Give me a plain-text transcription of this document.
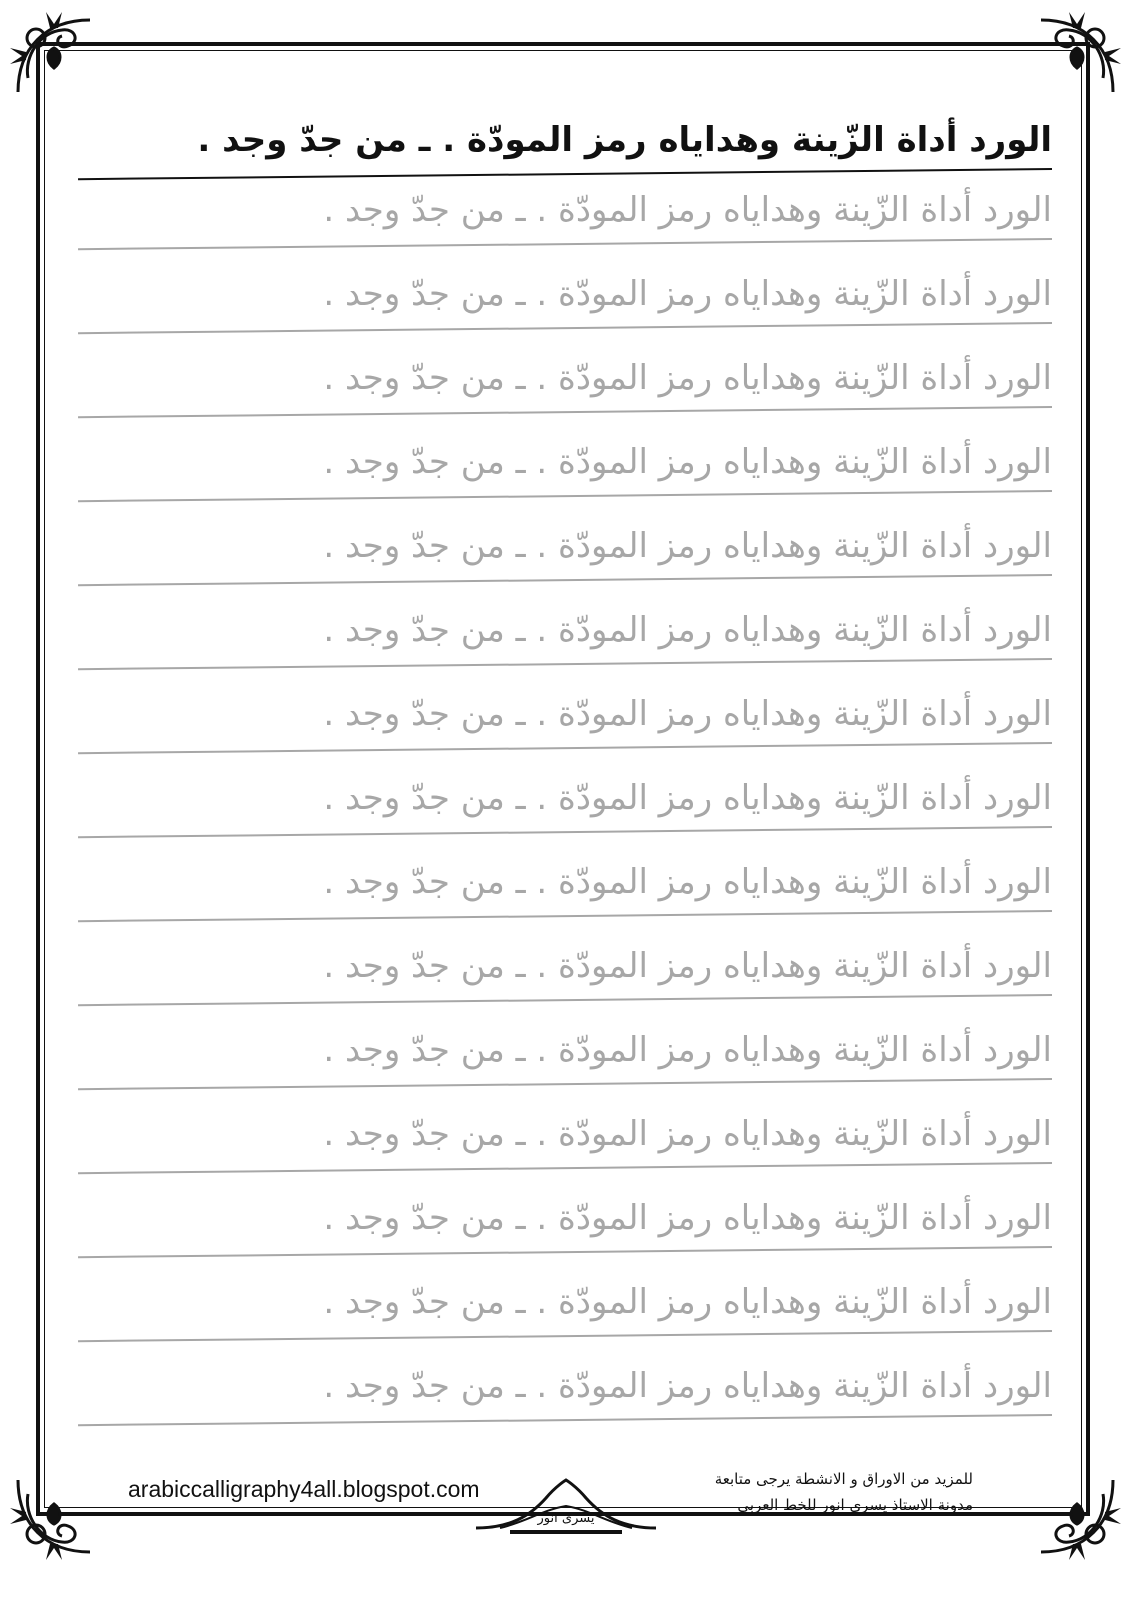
الورد أداة الزّينة وهداياه رمز المودّة . ـ من جدّ وجد .
الورد أداة الزّينة وهداياه رمز المودّة . ـ من جدّ وجد .
الورد أداة الزّينة وهداياه رمز المودّة . ـ من جدّ وجد .
الورد أداة الزّينة وهداياه رمز المودّة . ـ من جدّ وجد .
الورد أداة الزّينة وهداياه رمز المودّة . ـ من جدّ وجد .
الورد أداة الزّينة وهداياه رمز المودّة . ـ من جدّ وجد .
الورد أداة الزّينة وهداياه رمز المودّة . ـ من جدّ وجد .
الورد أداة الزّينة وهداياه رمز المودّة . ـ من جدّ وجد .
الورد أداة الزّينة وهداياه رمز المودّة . ـ من جدّ وجد .
الورد أداة الزّينة وهداياه رمز المودّة . ـ من جدّ وجد .
الورد أداة الزّينة وهداياه رمز المودّة . ـ من جدّ وجد .
الورد أداة الزّينة وهداياه رمز المودّة . ـ من جدّ وجد .
الورد أداة الزّينة وهداياه رمز المودّة . ـ من جدّ وجد .
الورد أداة الزّينة وهداياه رمز المودّة . ـ من جدّ وجد .
الورد أداة الزّينة وهداياه رمز المودّة . ـ من جدّ وجد .
الورد أداة الزّينة وهداياه رمز المودّة . ـ من جدّ وجد .
arabiccalligraphy4all.blogspot.com
يسرى انور
للمزيد من الاوراق و الانشطة يرجى متابعة
مدونة الاستاذ يسرى انور للخط العربى
